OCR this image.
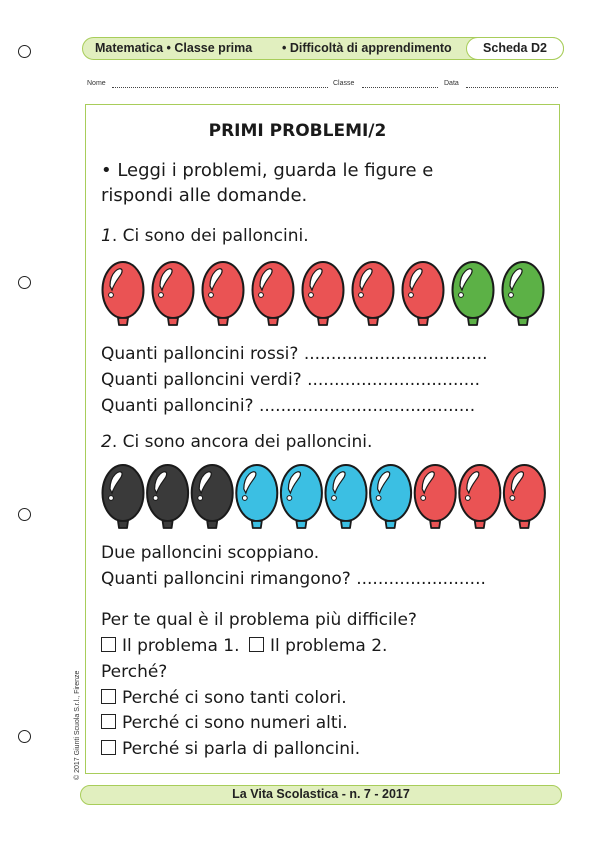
Matematica • Classe prima • Difficoltà di apprendimento	Scheda D2
Nome	Classe	Data
PRIMI PROBLEMI/2
• Leggi i problemi, guarda le figure e
rispondi alle domande.
1. Ci sono dei palloncini.
Quanti palloncini rossi? ..................................
Quanti palloncini verdi? ................................
Quanti palloncini? ........................................
2. Ci sono ancora dei palloncini.
Due palloncini scoppiano.
Quanti palloncini rimangono? ........................
Per te qual è il problema più difficile?
Il problema 1. Il problema 2.
Perché?
Perché ci sono tanti colori.
Perché ci sono numeri alti.
Perché si parla di palloncini.
© 2017 Giunti Scuola S.r.l., Firenze
La Vita Scolastica - n. 7 - 2017
